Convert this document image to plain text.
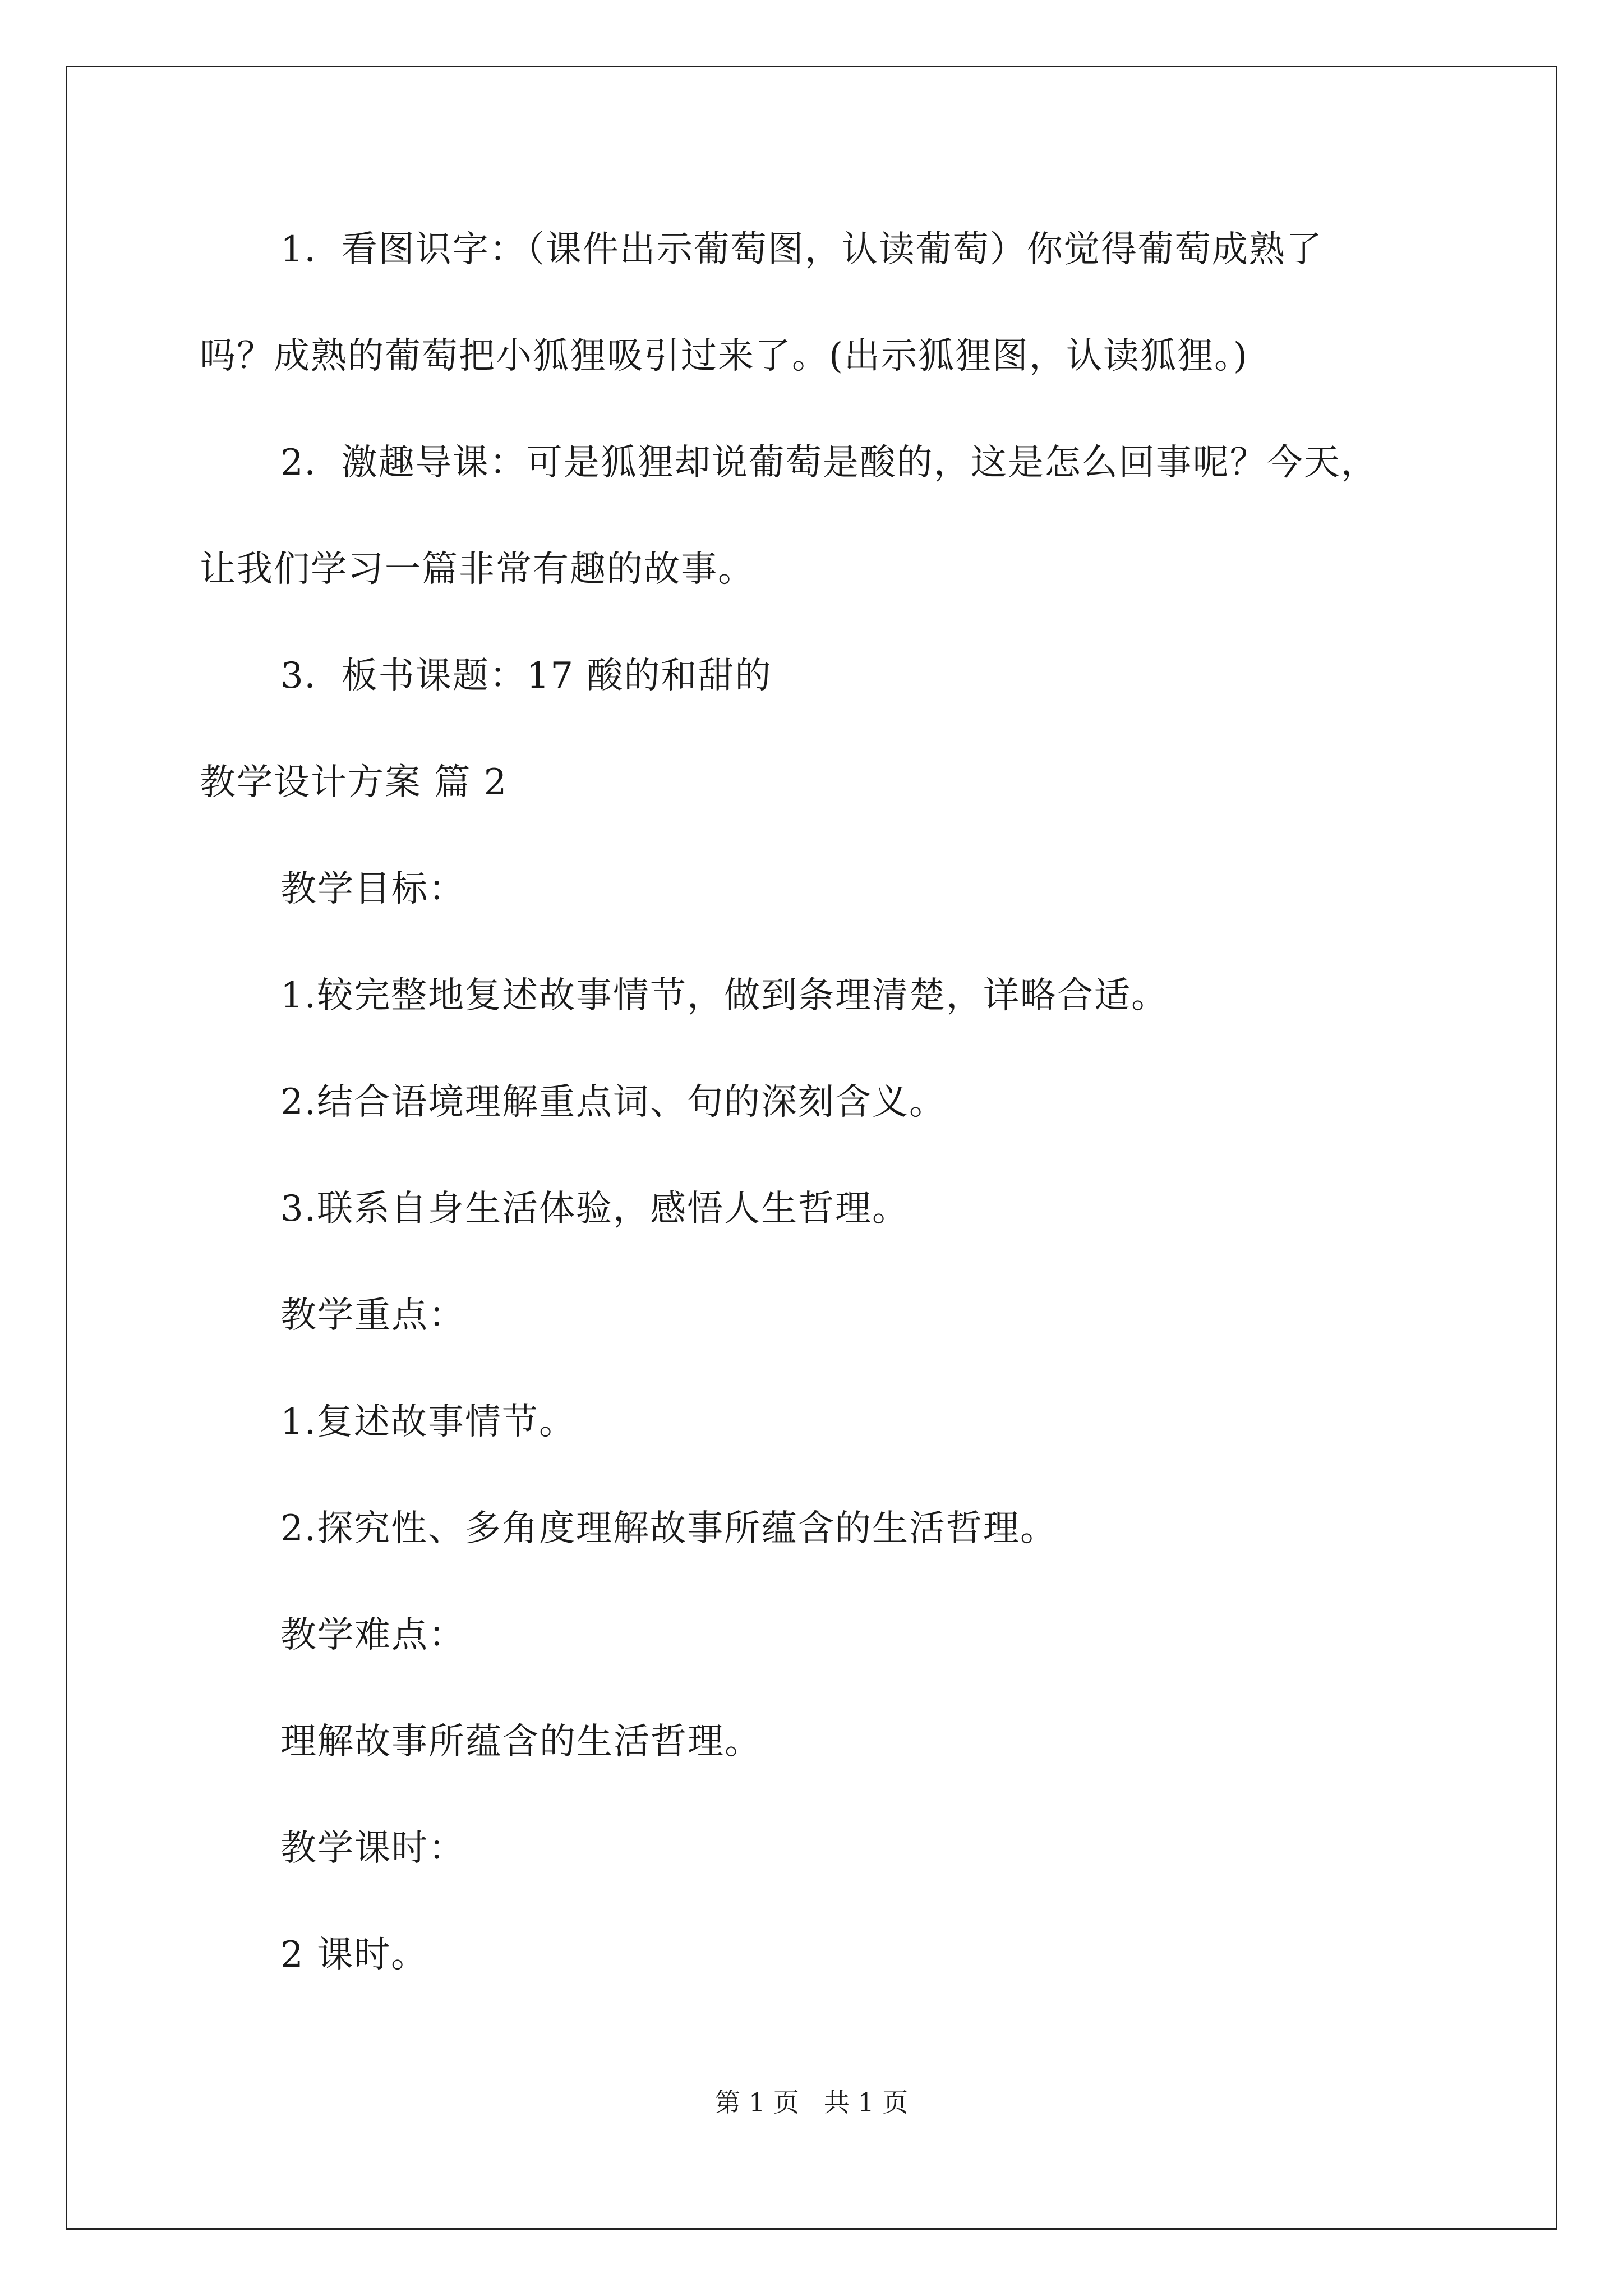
1．看图识字：（课件出示葡萄图，认读葡萄）你觉得葡萄成熟了
吗？成熟的葡萄把小狐狸吸引过来了。(出示狐狸图，认读狐狸。)
2．激趣导课：可是狐狸却说葡萄是酸的，这是怎么回事呢？今天，
让我们学习一篇非常有趣的故事。
3．板书课题：17 酸的和甜的
教学设计方案 篇 2
教学目标：
1.较完整地复述故事情节，做到条理清楚，详略合适。
2.结合语境理解重点词、句的深刻含义。
3.联系自身生活体验，感悟人生哲理。
教学重点：
1.复述故事情节。
2.探究性、多角度理解故事所蕴含的生活哲理。
教学难点：
理解故事所蕴含的生活哲理。
教学课时：
2 课时。
第 1 页   共 1 页
